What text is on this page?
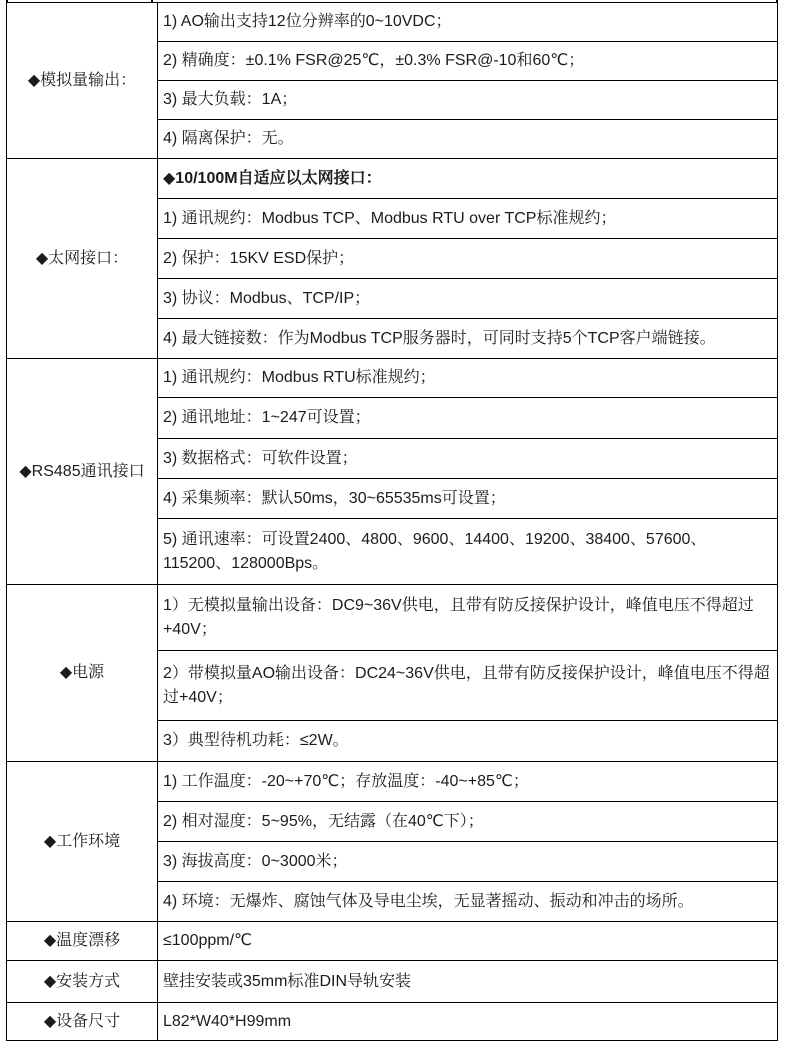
◆模拟量输出：	1) AO输出支持12位分辨率的0~10VDC；
	2) 精确度：±0.1% FSR@25℃，±0.3% FSR@-10和60℃；
	3) 最大负载：1A；
	4) 隔离保护：无。
◆太网接口：	◆10/100M自适应以太网接口：
	1) 通讯规约：Modbus TCP、Modbus RTU over TCP标准规约；
	2) 保护：15KV ESD保护；
	3) 协议：Modbus、TCP/IP；
	4) 最大链接数：作为Modbus TCP服务器时，可同时支持5个TCP客户端链接。
◆RS485通讯接口	1) 通讯规约：Modbus RTU标准规约；
	2) 通讯地址：1~247可设置；
	3) 数据格式：可软件设置；
	4) 采集频率：默认50ms，30~65535ms可设置；
	5) 通讯速率：可设置2400、4800、9600、14400、19200、38400、57600、115200、128000Bps。
◆电源	1）无模拟量输出设备：DC9~36V供电，且带有防反接保护设计，峰值电压不得超过+40V；
	2）带模拟量AO输出设备：DC24~36V供电，且带有防反接保护设计，峰值电压不得超过+40V；
	3）典型待机功耗：≤2W。
◆工作环境	1) 工作温度：-20~+70℃；存放温度：-40~+85℃；
	2) 相对湿度：5~95%，无结露（在40℃下）；
	3) 海拔高度：0~3000米；
	4) 环境：无爆炸、腐蚀气体及导电尘埃，无显著摇动、振动和冲击的场所。
◆温度漂移	≤100ppm/℃
◆安装方式	壁挂安装或35mm标准DIN导轨安装
◆设备尺寸	L82*W40*H99mm
